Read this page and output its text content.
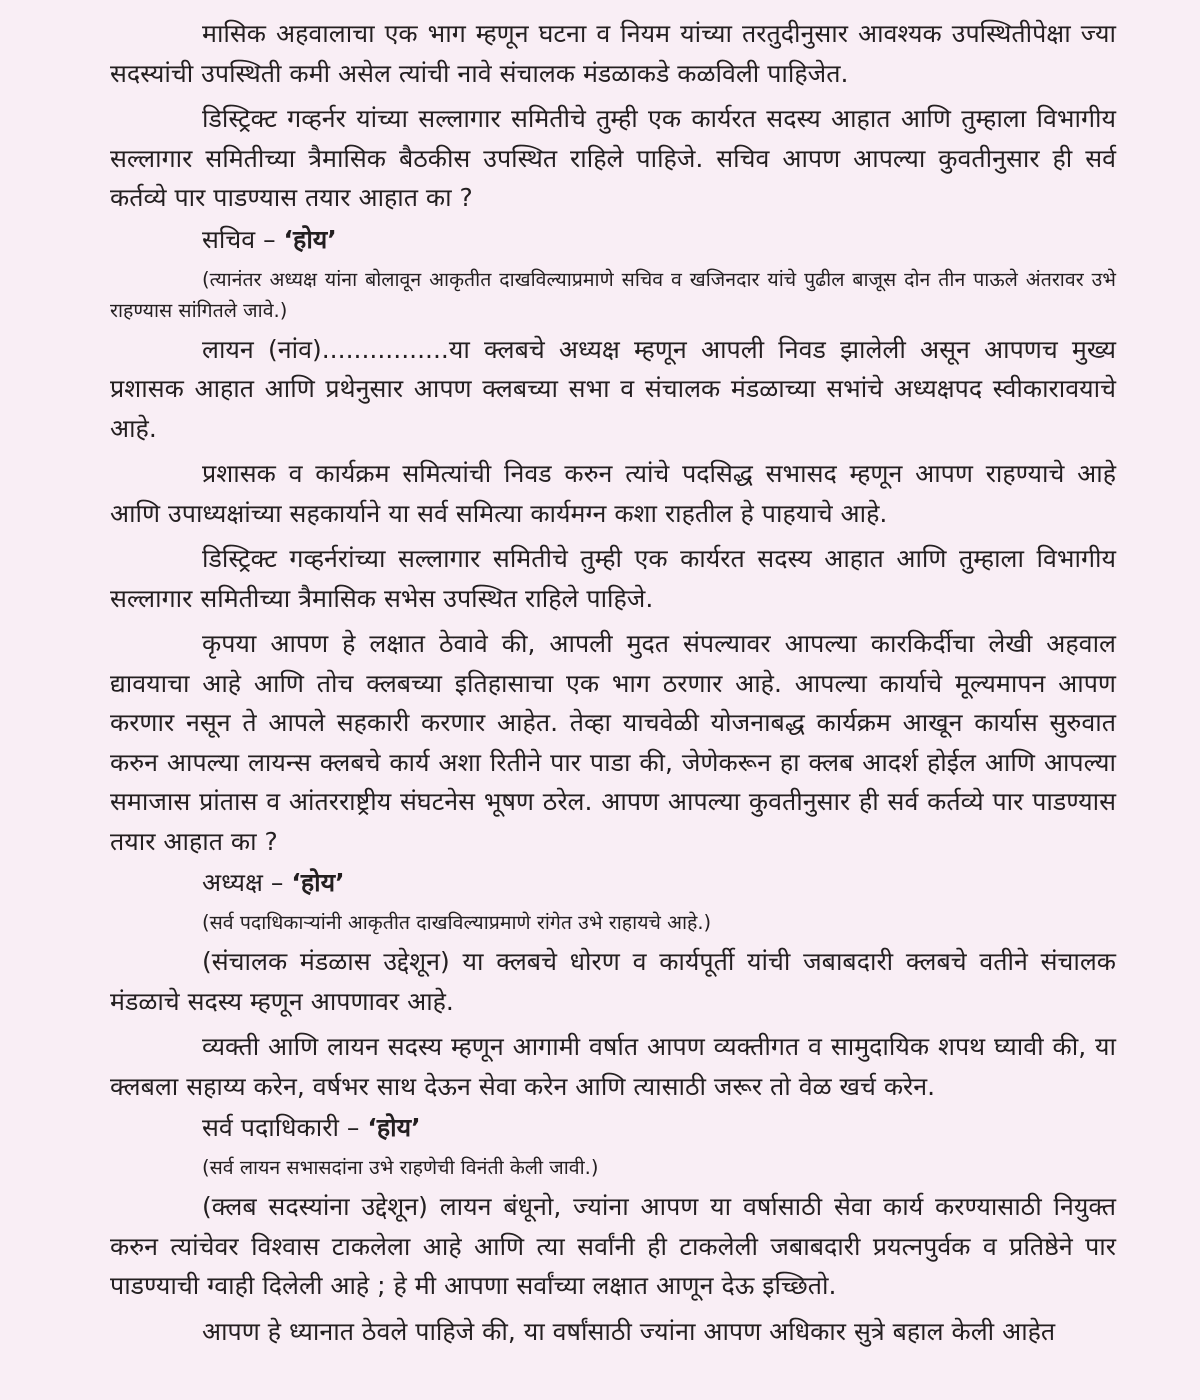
मासिक अहवालाचा एक भाग म्हणून घटना व नियम यांच्या तरतुदीनुसार आवश्यक उपस्थितीपेक्षा ज्या सदस्यांची उपस्थिती कमी असेल त्यांची नावे संचालक मंडळाकडे कळविली पाहिजेत.

डिस्ट्रिक्ट गव्हर्नर यांच्या सल्लागार समितीचे तुम्ही एक कार्यरत सदस्य आहात आणि तुम्हाला विभागीय सल्लागार समितीच्या त्रैमासिक बैठकीस उपस्थित राहिले पाहिजे. सचिव आपण आपल्या कुवतीनुसार ही सर्व कर्तव्ये पार पाडण्यास तयार आहात का ?

सचिव – ‘होय’

(त्यानंतर अध्यक्ष यांना बोलावून आकृतीत दाखविल्याप्रमाणे सचिव व खजिनदार यांचे पुढील बाजूस दोन तीन पाऊले अंतरावर उभे राहण्यास सांगितले जावे.)

लायन (नांव)................या क्लबचे अध्यक्ष म्हणून आपली निवड झालेली असून आपणच मुख्य प्रशासक आहात आणि प्रथेनुसार आपण क्लबच्या सभा व संचालक मंडळाच्या सभांचे अध्यक्षपद स्वीकारावयाचे आहे.

प्रशासक व कार्यक्रम समित्यांची निवड करुन त्यांचे पदसिद्ध सभासद म्हणून आपण राहण्याचे आहे आणि उपाध्यक्षांच्या सहकार्याने या सर्व समित्या कार्यमग्न कशा राहतील हे पाहयाचे आहे.

डिस्ट्रिक्ट गव्हर्नरांच्या सल्लागार समितीचे तुम्ही एक कार्यरत सदस्य आहात आणि तुम्हाला विभागीय सल्लागार समितीच्या त्रैमासिक सभेस उपस्थित राहिले पाहिजे.

कृपया आपण हे लक्षात ठेवावे की, आपली मुदत संपल्यावर आपल्या कारकिर्दीचा लेखी अहवाल द्यावयाचा आहे आणि तोच क्लबच्या इतिहासाचा एक भाग ठरणार आहे. आपल्या कार्याचे मूल्यमापन आपण करणार नसून ते आपले सहकारी करणार आहेत. तेव्हा याचवेळी योजनाबद्ध कार्यक्रम आखून कार्यास सुरुवात करुन आपल्या लायन्स क्लबचे कार्य अशा रितीने पार पाडा की, जेणेकरून हा क्लब आदर्श होईल आणि आपल्या समाजास प्रांतास व आंतरराष्ट्रीय संघटनेस भूषण ठरेल. आपण आपल्या कुवतीनुसार ही सर्व कर्तव्ये पार पाडण्यास तयार आहात का ?

अध्यक्ष – ‘होय’

(सर्व पदाधिकाऱ्यांनी आकृतीत दाखविल्याप्रमाणे रांगेत उभे राहायचे आहे.)

(संचालक मंडळास उद्देशून) या क्लबचे धोरण व कार्यपूर्ती यांची जबाबदारी क्लबचे वतीने संचालक मंडळाचे सदस्य म्हणून आपणावर आहे.

व्यक्ती आणि लायन सदस्य म्हणून आगामी वर्षात आपण व्यक्तीगत व सामुदायिक शपथ घ्यावी की, या क्लबला सहाय्य करेन, वर्षभर साथ देऊन सेवा करेन आणि त्यासाठी जरूर तो वेळ खर्च करेन.

सर्व पदाधिकारी – ‘होय’

(सर्व लायन सभासदांना उभे राहणेची विनंती केली जावी.)

(क्लब सदस्यांना उद्देशून) लायन बंधूनो, ज्यांना आपण या वर्षासाठी सेवा कार्य करण्यासाठी नियुक्त करुन त्यांचेवर विश्वास टाकलेला आहे आणि त्या सर्वांनी ही टाकलेली जबाबदारी प्रयत्नपुर्वक व प्रतिष्ठेने पार पाडण्याची ग्वाही दिलेली आहे ; हे मी आपणा सर्वांच्या लक्षात आणून देऊ इच्छितो.

आपण हे ध्यानात ठेवले पाहिजे की, या वर्षांसाठी ज्यांना आपण अधिकार सुत्रे बहाल केली आहेत
